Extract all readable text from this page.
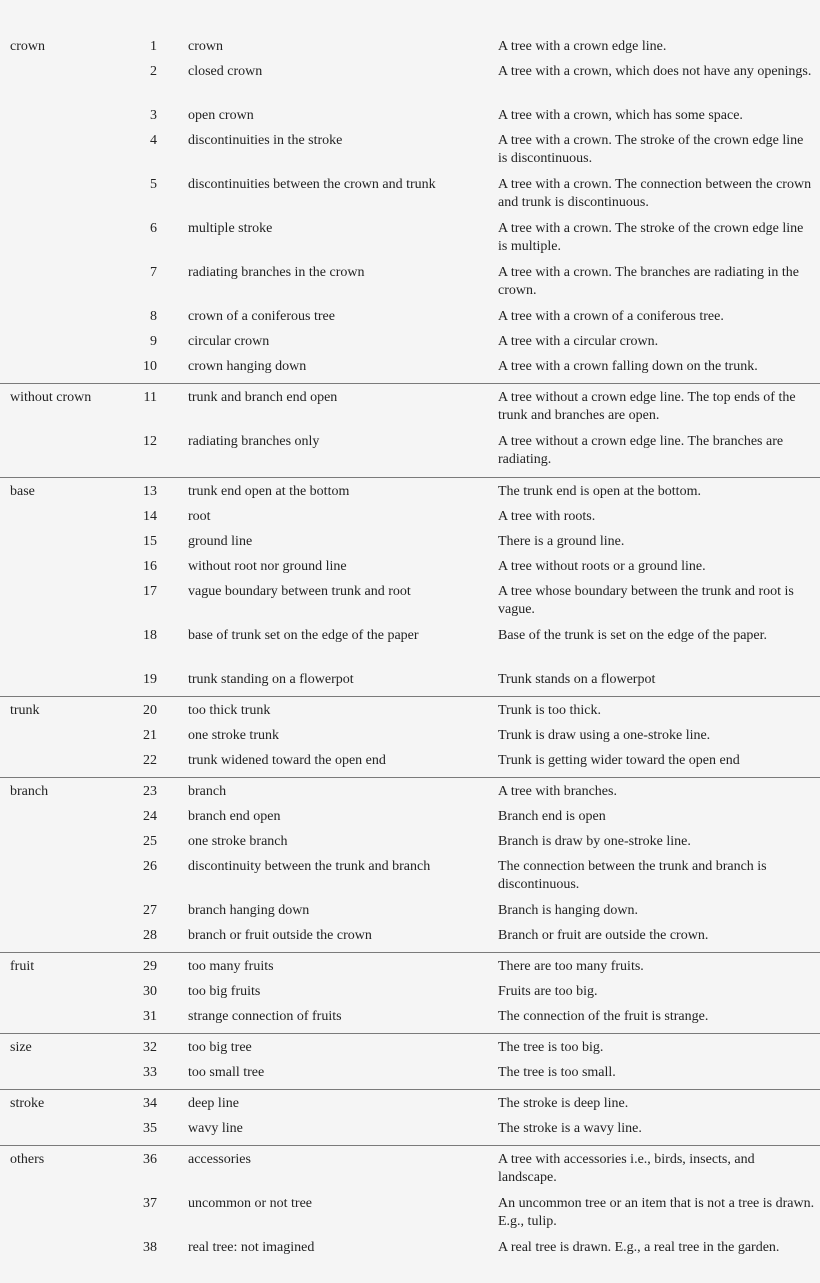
crown	1 crown	A tree with a crown edge line.
2 closed crown	A tree with a crown, which does not have any openings.
3 open crown	A tree with a crown, which has some space.
4 discontinuities in the stroke	A tree with a crown. The stroke of the crown edge line is discontinuous.
5 discontinuities between the crown and trunk	A tree with a crown. The connection between the crown and trunk is discontinuous.
6 multiple stroke	A tree with a crown. The stroke of the crown edge line is multiple.
7 radiating branches in the crown	A tree with a crown. The branches are radiating in the crown.
8 crown of a coniferous tree	A tree with a crown of a coniferous tree.
9 circular crown	A tree with a circular crown.
10 crown hanging down	A tree with a crown falling down on the trunk.
without crown	11 trunk and branch end open	A tree without a crown edge line. The top ends of the trunk and branches are open.
12 radiating branches only	A tree without a crown edge line. The branches are radiating.
base	13 trunk end open at the bottom	The trunk end is open at the bottom.
14 root	A tree with roots.
15 ground line	There is a ground line.
16 without root nor ground line	A tree without roots or a ground line.
17 vague boundary between trunk and root	A tree whose boundary between the trunk and root is vague.
18 base of trunk set on the edge of the paper	Base of the trunk is set on the edge of the paper.
19 trunk standing on a flowerpot	Trunk stands on a flowerpot
trunk	20 too thick trunk	Trunk is too thick.
21 one stroke trunk	Trunk is draw using a one-stroke line.
22 trunk widened toward the open end	Trunk is getting wider toward the open end
branch	23 branch	A tree with branches.
24 branch end open	Branch end is open
25 one stroke branch	Branch is draw by one-stroke line.
26 discontinuity between the trunk and branch	The connection between the trunk and branch is discontinuous.
27 branch hanging down	Branch is hanging down.
28 branch or fruit outside the crown	Branch or fruit are outside the crown.
fruit	29 too many fruits	There are too many fruits.
30 too big fruits	Fruits are too big.
31 strange connection of fruits	The connection of the fruit is strange.
size	32 too big tree	The tree is too big.
33 too small tree	The tree is too small.
stroke	34 deep line	The stroke is deep line.
35 wavy line	The stroke is a wavy line.
others	36 accessories	A tree with accessories i.e., birds, insects, and landscape.
37 uncommon or not tree	An uncommon tree or an item that is not a tree is drawn. E.g., tulip.
38 real tree: not imagined	A real tree is drawn. E.g., a real tree in the garden.
